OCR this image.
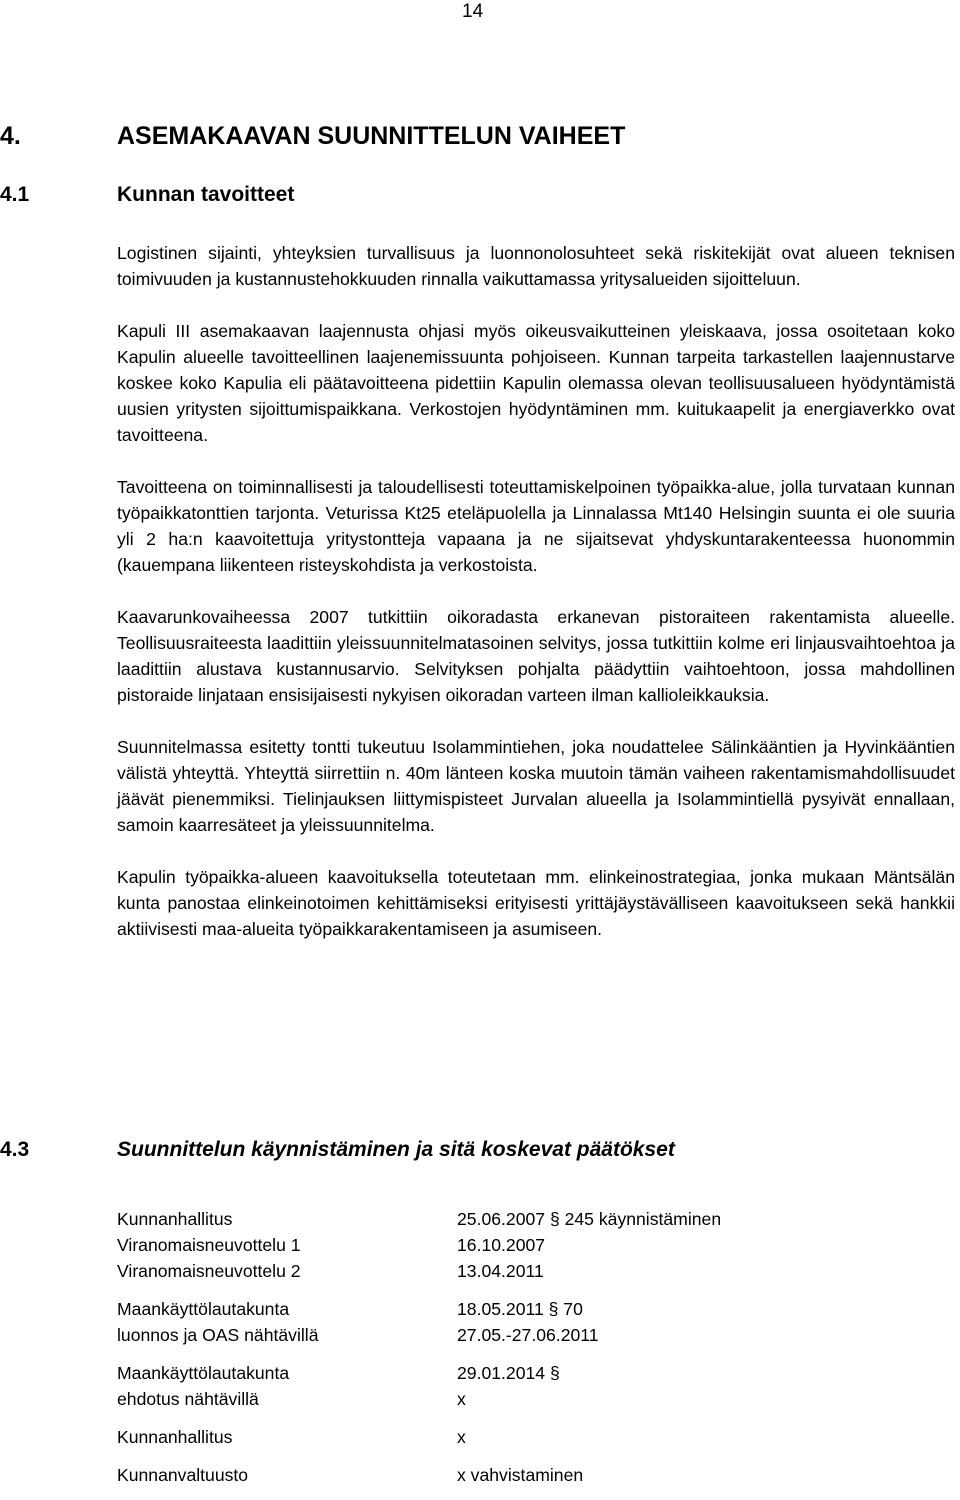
14
4.	ASEMAKAAVAN SUUNNITTELUN VAIHEET
4.1	Kunnan tavoitteet

Logistinen sijainti, yhteyksien turvallisuus ja luonnonolosuhteet sekä riskitekijät ovat alueen teknisen toimivuuden ja kustannustehokkuuden rinnalla vaikuttamassa yritysalueiden sijoitteluun.

Kapuli III asemakaavan laajennusta ohjasi myös oikeusvaikutteinen yleiskaava, jossa osoitetaan koko Kapulin alueelle tavoitteellinen laajenemissuunta pohjoiseen. Kunnan tarpeita tarkastellen laajennustarve koskee koko Kapulia eli päätavoitteena pidettiin Kapulin olemassa olevan teollisuusalueen hyödyntämistä uusien yritysten sijoittumispaikkana. Verkostojen hyödyntäminen mm. kuitukaapelit ja energiaverkko ovat tavoitteena.

Tavoitteena on toiminnallisesti ja taloudellisesti toteuttamiskelpoinen työpaikka-alue, jolla turvataan kunnan työpaikkatonttien tarjonta. Veturissa Kt25 eteläpuolella ja Linnalassa Mt140 Helsingin suunta ei ole suuria yli 2 ha:n kaavoitettuja yritystontteja vapaana ja ne sijaitsevat yhdyskuntarakenteessa huonommin (kauempana liikenteen risteyskohdista ja verkostoista.

Kaavarunkovaiheessa 2007 tutkittiin oikoradasta erkanevan pistoraiteen rakentamista alueelle. Teollisuusraiteesta laadittiin yleissuunnitelmatasoinen selvitys, jossa tutkittiin kolme eri linjausvaihtoehtoa ja laadittiin alustava kustannusarvio. Selvityksen pohjalta päädyttiin vaihtoehtoon, jossa mahdollinen pistoraide linjataan ensisijaisesti nykyisen oikoradan varteen ilman kallioleikkauksia.

Suunnitelmassa esitetty tontti tukeutuu Isolammintiehen, joka noudattelee Sälinkääntien ja Hyvinkääntien välistä yhteyttä. Yhteyttä siirrettiin n. 40m länteen koska muutoin tämän vaiheen rakentamismahdollisuudet jäävät pienemmiksi. Tielinjauksen liittymispisteet Jurvalan alueella ja Isolammintiellä pysyivät ennallaan, samoin kaarresäteet ja yleissuunnitelma.

Kapulin työpaikka-alueen kaavoituksella toteutetaan mm. elinkeinostrategiaa, jonka mukaan Mäntsälän kunta panostaa elinkeinotoimen kehittämiseksi erityisesti yrittäjäystävälliseen kaavoitukseen sekä hankkii aktiivisesti maa-alueita työpaikkarakentamiseen ja asumiseen.

4.3	Suunnittelun käynnistäminen ja sitä koskevat päätökset
Kunnanhallitus	25.06.2007 § 245 käynnistäminen
Viranomaisneuvottelu 1	16.10.2007
Viranomaisneuvottelu 2	13.04.2011
Maankäyttölautakunta	18.05.2011 § 70
luonnos ja OAS nähtävillä	27.05.-27.06.2011
Maankäyttölautakunta	29.01.2014 §
ehdotus nähtävillä	x
Kunnanhallitus	x
Kunnanvaltuusto	x vahvistaminen
